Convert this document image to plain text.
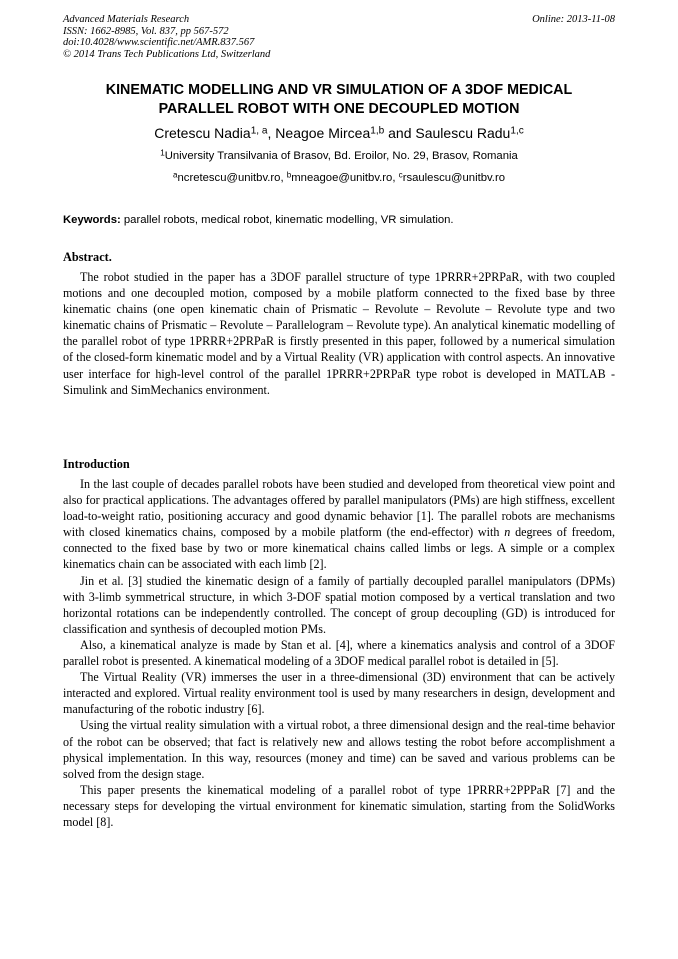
Advanced Materials Research
ISSN: 1662-8985, Vol. 837, pp 567-572
doi:10.4028/www.scientific.net/AMR.837.567
© 2014 Trans Tech Publications Ltd, Switzerland
Online: 2013-11-08
KINEMATIC MODELLING AND VR SIMULATION OF A 3DOF MEDICAL
PARALLEL ROBOT WITH ONE DECOUPLED MOTION
Cretescu Nadia$^{1, a}$, Neagoe Mircea$^{1,b}$ and Saulescu Radu$^{1,c}$
$^1$University Transilvania of Brasov, Bd. Eroilor, No. 29, Brasov, Romania
$^a$ncretescu@unitbv.ro, $^b$mneagoe@unitbv.ro, $^c$rsaulescu@unitbv.ro
Keywords: parallel robots, medical robot, kinematic modelling, VR simulation.
Abstract.

The robot studied in the paper has a 3DOF parallel structure of type 1PRRR+2PRPaR, with two coupled motions and one decoupled motion, composed by a mobile platform connected to the fixed base by three kinematic chains (one open kinematic chain of Prismatic – Revolute – Revolute – Revolute type and two kinematic chains of Prismatic – Revolute – Parallelogram – Revolute type). An analytical kinematic modelling of the parallel robot of type 1PRRR+2PRPaR is firstly presented in this paper, followed by a numerical simulation of the closed-form kinematic model and by a Virtual Reality (VR) application with control aspects. An innovative user interface for high-level control of the parallel 1PRRR+2PRPaR type robot is developed in MATLAB - Simulink and SimMechanics environment.

Introduction

In the last couple of decades parallel robots have been studied and developed from theoretical view point and also for practical applications. The advantages offered by parallel manipulators (PMs) are high stiffness, excellent load-to-weight ratio, positioning accuracy and good dynamic behavior [1]. The parallel robots are mechanisms with closed kinematics chains, composed by a mobile platform (the end-effector) with n degrees of freedom, connected to the fixed base by two or more kinematical chains called limbs or legs. A simple or a complex kinematics chain can be associated with each limb [2].

Jin et al. [3] studied the kinematic design of a family of partially decoupled parallel manipulators (DPMs) with 3-limb symmetrical structure, in which 3-DOF spatial motion composed by a vertical translation and two horizontal rotations can be independently controlled. The concept of group decoupling (GD) is introduced for classification and synthesis of decoupled motion PMs.

Also, a kinematical analyze is made by Stan et al. [4], where a kinematics analysis and control of a 3DOF parallel robot is presented. A kinematical modeling of a 3DOF medical parallel robot is detailed in [5].

The Virtual Reality (VR) immerses the user in a three-dimensional (3D) environment that can be actively interacted and explored. Virtual reality environment tool is used by many researchers in design, development and manufacturing of the robotic industry [6].

Using the virtual reality simulation with a virtual robot, a three dimensional design and the real-time behavior of the robot can be observed; that fact is relatively new and allows testing the robot before accomplishment a physical implementation. In this way, resources (money and time) can be saved and various problems can be solved from the design stage.

This paper presents the kinematical modeling of a parallel robot of type 1PRRR+2PPPaR [7] and the necessary steps for developing the virtual environment for kinematic simulation, starting from the SolidWorks model [8].
